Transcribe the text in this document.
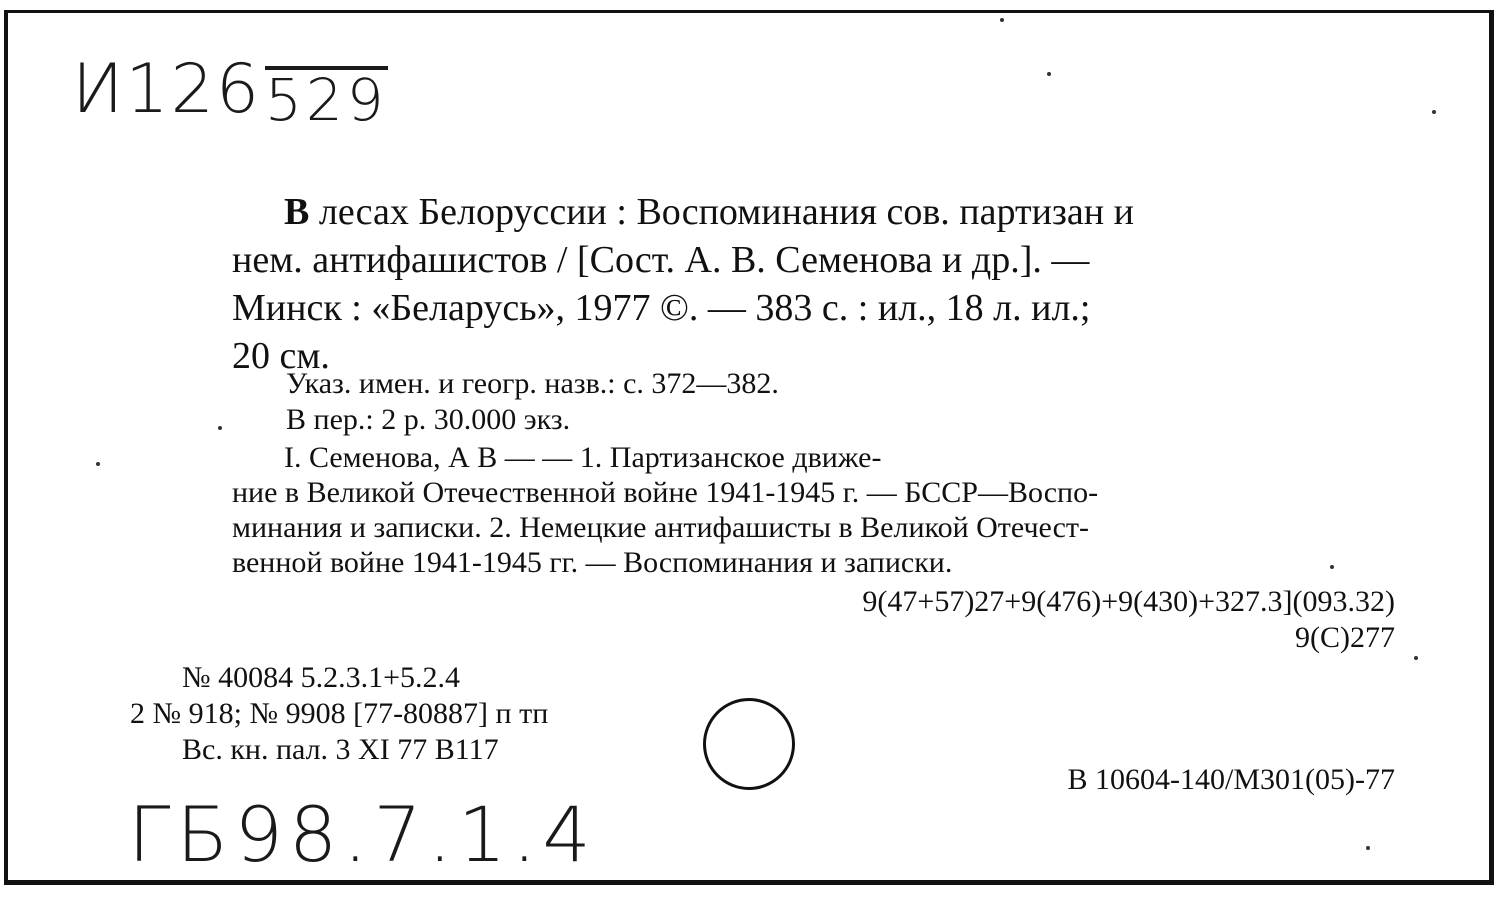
И126 529
ГБ98.7.1.4
В лесах Белоруссии : Воспоминания сов. партизан и
нем. антифашистов / [Сост. А. В. Семенова и др.]. —
Минск : «Беларусь», 1977 ©. — 383 с. : ил., 18 л. ил.;
20 см.
Указ. имен. и геогр. назв.: с. 372—382.
В пер.: 2 р. 30.000 экз.
I. Семенова, А В — — 1. Партизанское движе-
ние в Великой Отечественной войне 1941-1945 г. — БССР—Воспо-
минания и записки. 2. Немецкие антифашисты в Великой Отечест-
венной войне 1941-1945 гг. — Воспоминания и записки.
9(47+57)27+9(476)+9(430)+327.3](093.32)
9(С)277
№ 40084 5.2.3.1+5.2.4
2 № 918; № 9908 [77-80887] п тп
Вс. кн. пал. 3 XI 77 В117
В 10604-140/М301(05)-77
